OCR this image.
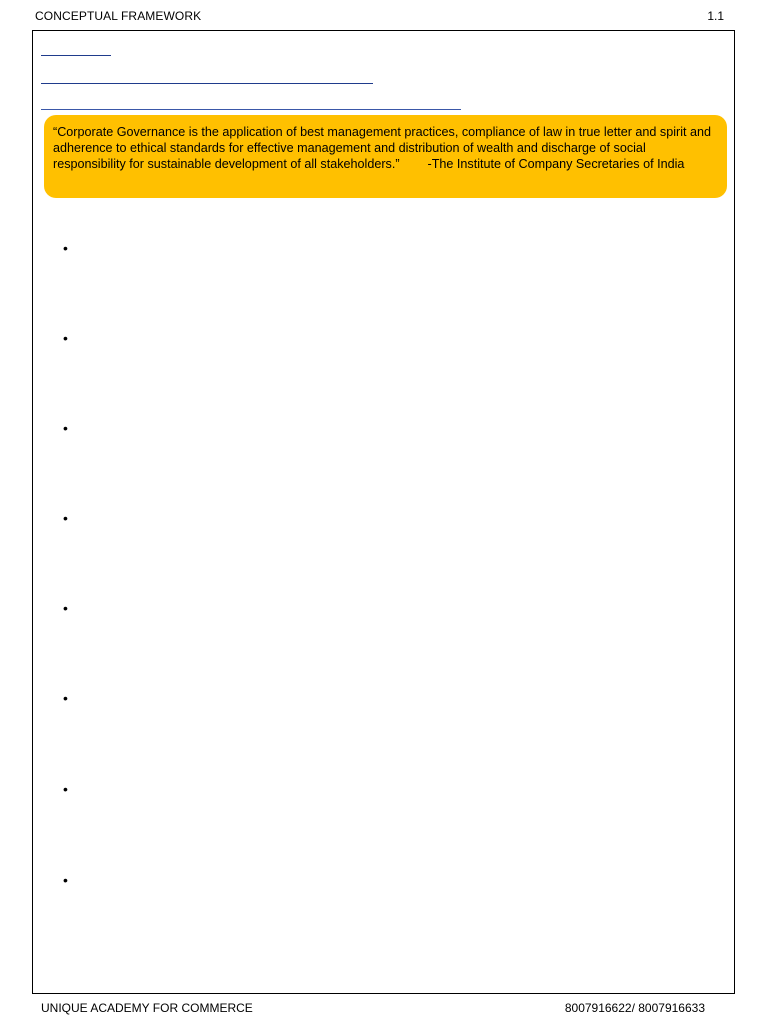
CONCEPTUAL FRAMEWORK	1.1
“Corporate Governance is the application of best management practices, compliance of law in true letter and spirit and adherence to ethical standards for effective management and distribution of wealth and discharge of social responsibility for sustainable development of all stakeholders.” -The Institute of Company Secretaries of India
•
•
•
•
•
•
•
•
UNIQUE ACADEMY FOR COMMERCE	8007916622/ 8007916633
